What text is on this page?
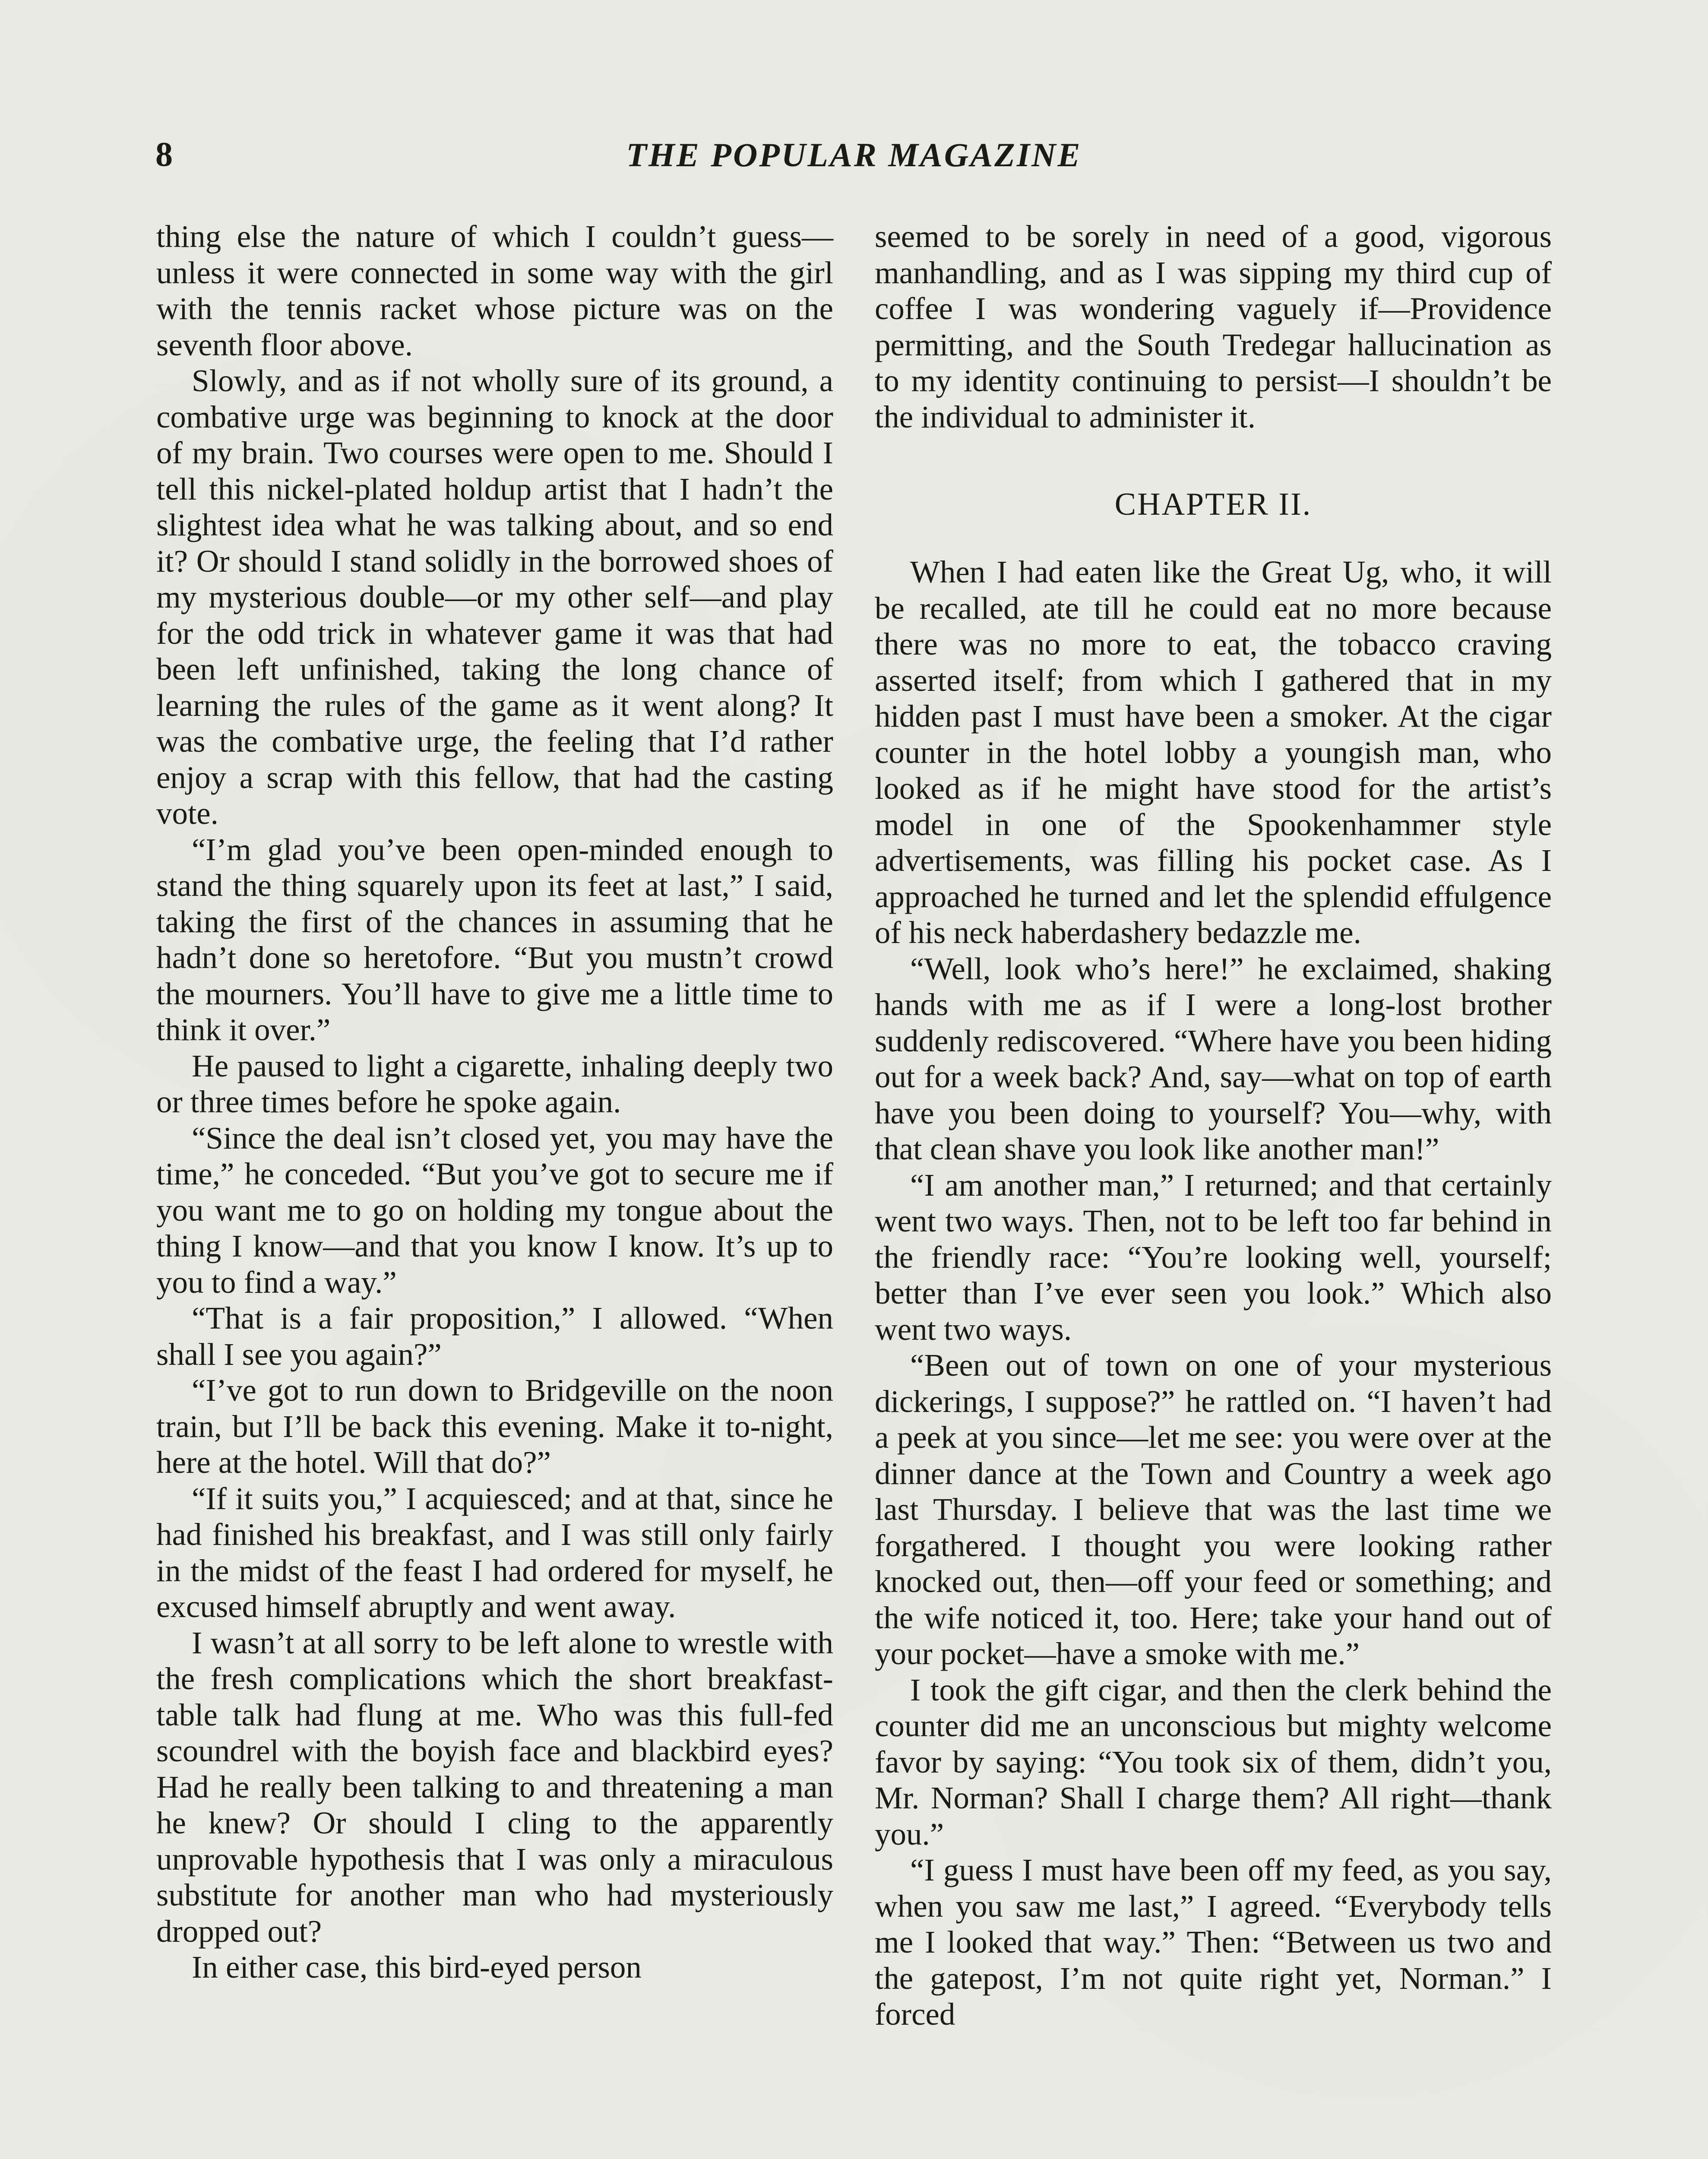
8	THE POPULAR MAGAZINE

thing else the nature of which I couldn’t guess—unless it were connected in some way with the girl with the tennis racket whose picture was on the seventh floor above.

Slowly, and as if not wholly sure of its ground, a combative urge was beginning to knock at the door of my brain. Two courses were open to me. Should I tell this nickel-plated holdup artist that I hadn’t the slightest idea what he was talking about, and so end it? Or should I stand solidly in the borrowed shoes of my mysterious double—or my other self—and play for the odd trick in whatever game it was that had been left unfinished, taking the long chance of learning the rules of the game as it went along? It was the combative urge, the feeling that I’d rather enjoy a scrap with this fellow, that had the casting vote.

“I’m glad you’ve been open-minded enough to stand the thing squarely upon its feet at last,” I said, taking the first of the chances in assuming that he hadn’t done so heretofore. “But you mustn’t crowd the mourners. You’ll have to give me a little time to think it over.”

He paused to light a cigarette, inhaling deeply two or three times before he spoke again.

“Since the deal isn’t closed yet, you may have the time,” he conceded. “But you’ve got to secure me if you want me to go on holding my tongue about the thing I know—and that you know I know. It’s up to you to find a way.”

“That is a fair proposition,” I allowed. “When shall I see you again?”

“I’ve got to run down to Bridgeville on the noon train, but I’ll be back this evening. Make it to-night, here at the hotel. Will that do?”

“If it suits you,” I acquiesced; and at that, since he had finished his breakfast, and I was still only fairly in the midst of the feast I had ordered for myself, he excused himself abruptly and went away.

I wasn’t at all sorry to be left alone to wrestle with the fresh complications which the short breakfast-table talk had flung at me. Who was this full-fed scoundrel with the boyish face and blackbird eyes? Had he really been talking to and threatening a man he knew? Or should I cling to the apparently unprovable hypothesis that I was only a miraculous substitute for another man who had mysteriously dropped out?

In either case, this bird-eyed person

seemed to be sorely in need of a good, vigorous manhandling, and as I was sipping my third cup of coffee I was wondering vaguely if—Providence permitting, and the South Tredegar hallucination as to my identity continuing to persist—I shouldn’t be the individual to administer it.

CHAPTER II.

When I had eaten like the Great Ug, who, it will be recalled, ate till he could eat no more because there was no more to eat, the tobacco craving asserted itself; from which I gathered that in my hidden past I must have been a smoker. At the cigar counter in the hotel lobby a youngish man, who looked as if he might have stood for the artist’s model in one of the Spookenhammer style advertisements, was filling his pocket case. As I approached he turned and let the splendid effulgence of his neck haberdashery bedazzle me.

“Well, look who’s here!” he exclaimed, shaking hands with me as if I were a long-lost brother suddenly rediscovered. “Where have you been hiding out for a week back? And, say—what on top of earth have you been doing to yourself? You—why, with that clean shave you look like another man!”

“I am another man,” I returned; and that certainly went two ways. Then, not to be left too far behind in the friendly race: “You’re looking well, yourself; better than I’ve ever seen you look.” Which also went two ways.

“Been out of town on one of your mysterious dickerings, I suppose?” he rattled on. “I haven’t had a peek at you since—let me see: you were over at the dinner dance at the Town and Country a week ago last Thursday. I believe that was the last time we forgathered. I thought you were looking rather knocked out, then—off your feed or something; and the wife noticed it, too. Here; take your hand out of your pocket—have a smoke with me.”

I took the gift cigar, and then the clerk behind the counter did me an unconscious but mighty welcome favor by saying: “You took six of them, didn’t you, Mr. Norman? Shall I charge them? All right—thank you.”

“I guess I must have been off my feed, as you say, when you saw me last,” I agreed. “Everybody tells me I looked that way.” Then: “Between us two and the gatepost, I’m not quite right yet, Norman.” I forced
